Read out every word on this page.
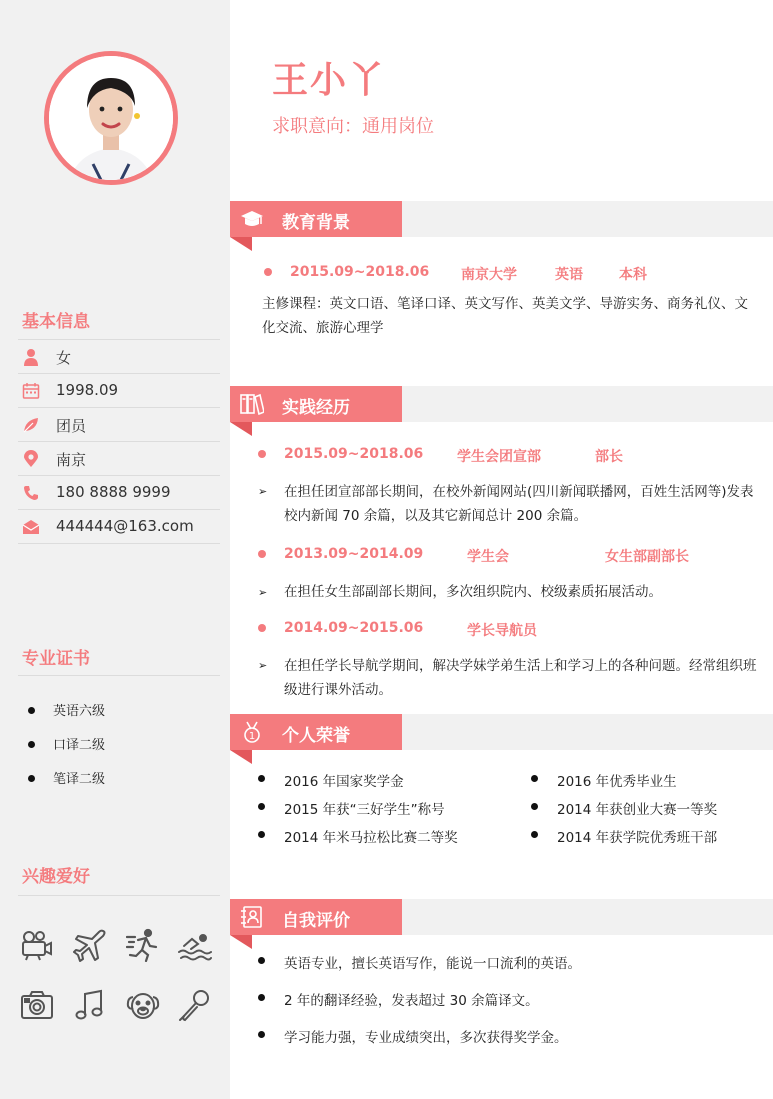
基本信息
女
1998.09
团员
南京
180 8888 9999
444444@163.com
专业证书
英语六级
口译二级
笔译二级
兴趣爱好
王小丫
求职意向：通用岗位
教育背景
2015.09~2018.06 南京大学	英语	本科
主修课程：英文口语、笔译口译、英文写作、英美文学、导游实务、商务礼仪、文化交流、旅游心理学
实践经历
2015.09~2018.06 学生会团宣部	部长
➢ 在担任团宣部部长期间，在校外新闻网站(四川新闻联播网，百姓生活网等)发表校内新闻 70 余篇，以及其它新闻总计 200 余篇。
2013.09~2014.09	学生会	女生部副部长
➢ 在担任女生部副部长期间，多次组织院内、校级素质拓展活动。
2014.09~2015.06	学长导航员
➢ 在担任学长导航学期间，解决学妹学弟生活上和学习上的各种问题。经常组织班级进行课外活动。
1 个人荣誉
2016 年国家奖学金
2015 年获“三好学生”称号
2014 年米马拉松比赛二等奖
2016 年优秀毕业生
2014 年获创业大赛一等奖
2014 年获学院优秀班干部
自我评价
英语专业，擅长英语写作，能说一口流利的英语。
2 年的翻译经验，发表超过 30 余篇译文。
学习能力强，专业成绩突出，多次获得奖学金。
